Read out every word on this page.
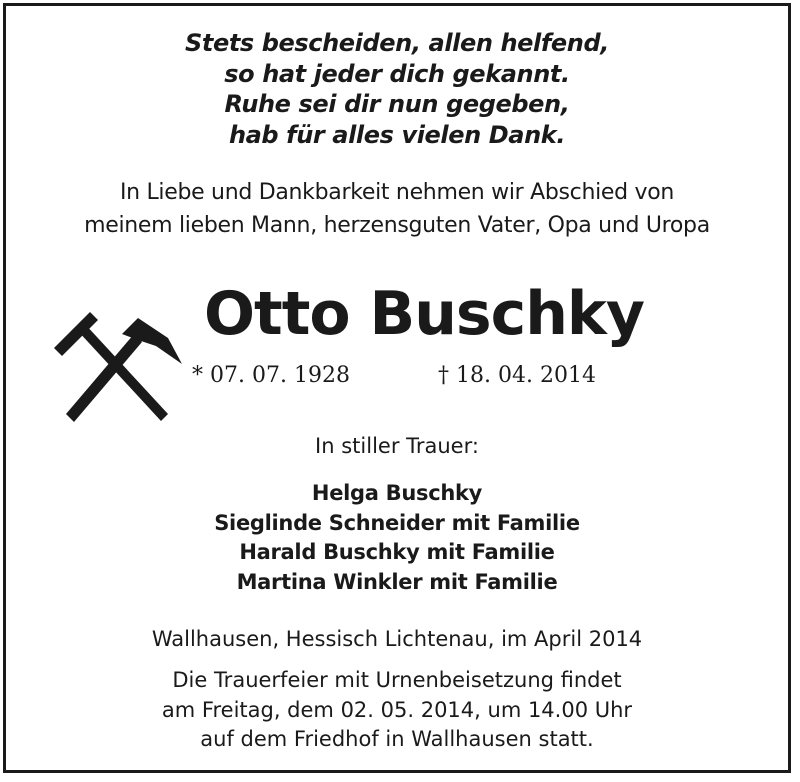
Stets bescheiden, allen helfend,
so hat jeder dich gekannt.
Ruhe sei dir nun gegeben,
hab für alles vielen Dank.
In Liebe und Dankbarkeit nehmen wir Abschied von
meinem lieben Mann, herzensguten Vater, Opa und Uropa
Otto Buschky
* 07. 07. 1928	† 18. 04. 2014
In stiller Trauer:
Helga Buschky
Sieglinde Schneider mit Familie
Harald Buschky mit Familie
Martina Winkler mit Familie
Wallhausen, Hessisch Lichtenau, im April 2014
Die Trauerfeier mit Urnenbeisetzung findet
am Freitag, dem 02. 05. 2014, um 14.00 Uhr
auf dem Friedhof in Wallhausen statt.
